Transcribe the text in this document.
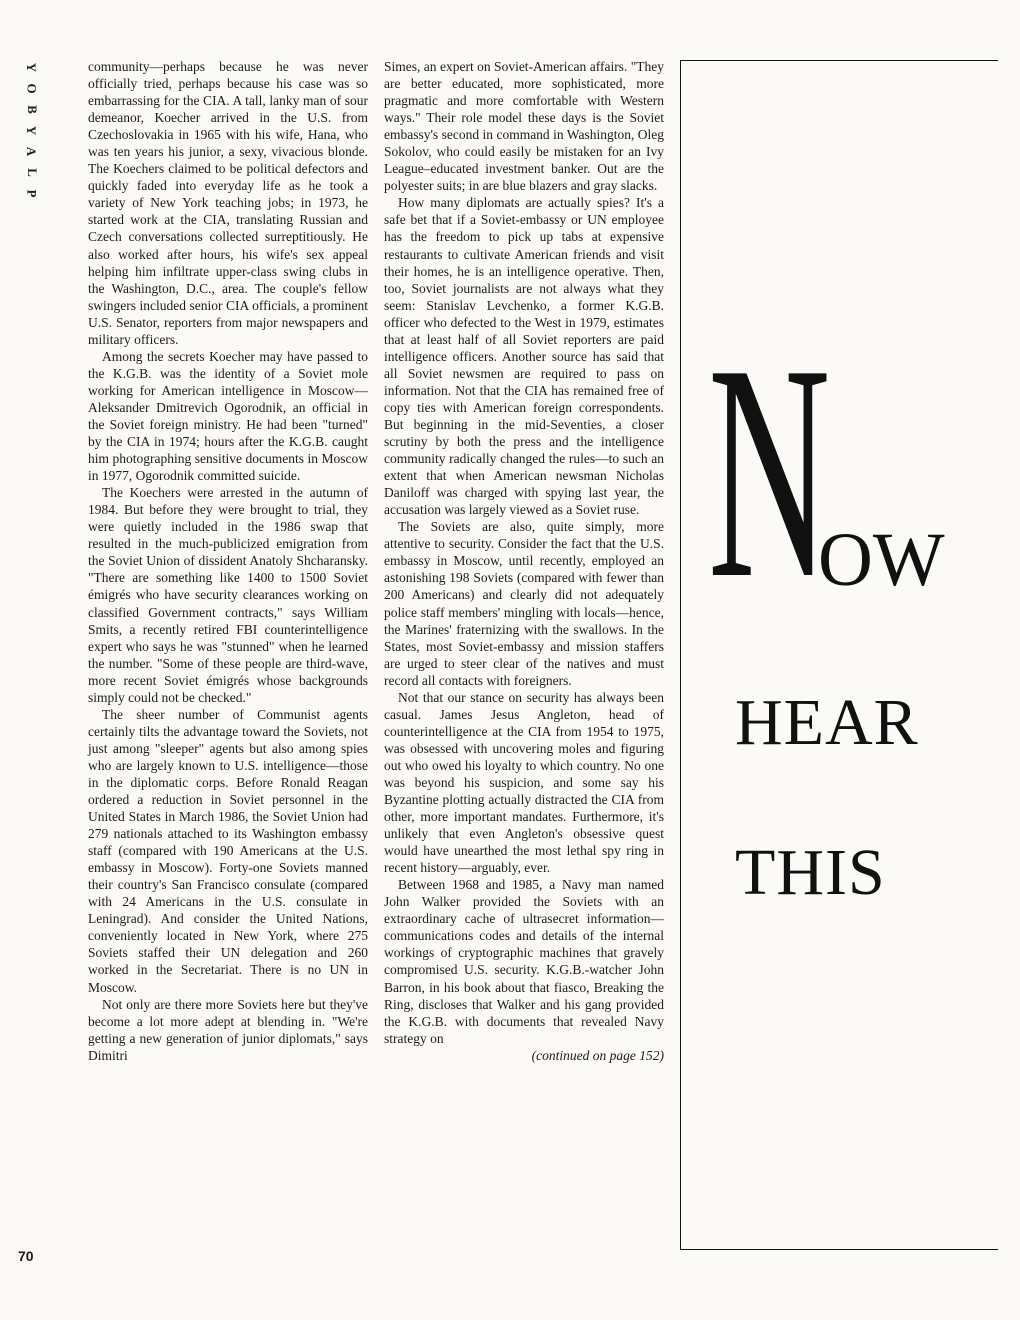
Y
O
B
Y
A
L
P
70

community—perhaps because he was never officially tried, perhaps because his case was so embarrassing for the CIA. A tall, lanky man of sour demeanor, Koecher arrived in the U.S. from Czechoslovakia in 1965 with his wife, Hana, who was ten years his junior, a sexy, vivacious blonde. The Koechers claimed to be political defectors and quickly faded into everyday life as he took a variety of New York teaching jobs; in 1973, he started work at the CIA, translating Russian and Czech conversations collected surreptitiously. He also worked after hours, his wife's sex appeal helping him infiltrate upper-class swing clubs in the Washington, D.C., area. The couple's fellow swingers included senior CIA officials, a prominent U.S. Senator, reporters from major newspapers and military officers.

Among the secrets Koecher may have passed to the K.G.B. was the identity of a Soviet mole working for American intelligence in Moscow—Aleksander Dmitrevich Ogorodnik, an official in the Soviet foreign ministry. He had been "turned" by the CIA in 1974; hours after the K.G.B. caught him photographing sensitive documents in Moscow in 1977, Ogorodnik committed suicide.

The Koechers were arrested in the autumn of 1984. But before they were brought to trial, they were quietly included in the 1986 swap that resulted in the much-publicized emigration from the Soviet Union of dissident Anatoly Shcharansky. "There are something like 1400 to 1500 Soviet émigrés who have security clearances working on classified Government contracts," says William Smits, a recently retired FBI counterintelligence expert who says he was "stunned" when he learned the number. "Some of these people are third-wave, more recent Soviet émigrés whose backgrounds simply could not be checked."

The sheer number of Communist agents certainly tilts the advantage toward the Soviets, not just among "sleeper" agents but also among spies who are largely known to U.S. intelligence—those in the diplomatic corps. Before Ronald Reagan ordered a reduction in Soviet personnel in the United States in March 1986, the Soviet Union had 279 nationals attached to its Washington embassy staff (compared with 190 Americans at the U.S. embassy in Moscow). Forty-one Soviets manned their country's San Francisco consulate (compared with 24 Americans in the U.S. consulate in Leningrad). And consider the United Nations, conveniently located in New York, where 275 Soviets staffed their UN delegation and 260 worked in the Secretariat. There is no UN in Moscow.

Not only are there more Soviets here but they've become a lot more adept at blending in. "We're getting a new generation of junior diplomats," says Dimitri

Simes, an expert on Soviet-American affairs. "They are better educated, more sophisticated, more pragmatic and more comfortable with Western ways." Their role model these days is the Soviet embassy's second in command in Washington, Oleg Sokolov, who could easily be mistaken for an Ivy League–educated investment banker. Out are the polyester suits; in are blue blazers and gray slacks.

How many diplomats are actually spies? It's a safe bet that if a Soviet-embassy or UN employee has the freedom to pick up tabs at expensive restaurants to cultivate American friends and visit their homes, he is an intelligence operative. Then, too, Soviet journalists are not always what they seem: Stanislav Levchenko, a former K.G.B. officer who defected to the West in 1979, estimates that at least half of all Soviet reporters are paid intelligence officers. Another source has said that all Soviet newsmen are required to pass on information. Not that the CIA has remained free of copy ties with American foreign correspondents. But beginning in the mid-Seventies, a closer scrutiny by both the press and the intelligence community radically changed the rules—to such an extent that when American newsman Nicholas Daniloff was charged with spying last year, the accusation was largely viewed as a Soviet ruse.

The Soviets are also, quite simply, more attentive to security. Consider the fact that the U.S. embassy in Moscow, until recently, employed an astonishing 198 Soviets (compared with fewer than 200 Americans) and clearly did not adequately police staff members' mingling with locals—hence, the Marines' fraternizing with the swallows. In the States, most Soviet-embassy and mission staffers are urged to steer clear of the natives and must record all contacts with foreigners.

Not that our stance on security has always been casual. James Jesus Angleton, head of counterintelligence at the CIA from 1954 to 1975, was obsessed with uncovering moles and figuring out who owed his loyalty to which country. No one was beyond his suspicion, and some say his Byzantine plotting actually distracted the CIA from other, more important mandates. Furthermore, it's unlikely that even Angleton's obsessive quest would have unearthed the most lethal spy ring in recent history—arguably, ever.

Between 1968 and 1985, a Navy man named John Walker provided the Soviets with an extraordinary cache of ultrasecret information—communications codes and details of the internal workings of cryptographic machines that gravely compromised U.S. security. K.G.B.-watcher John Barron, in his book about that fiasco, Breaking the Ring, discloses that Walker and his gang provided the K.G.B. with documents that revealed Navy strategy on

(continued on page 152)

N
OW
HEAR
THIS
